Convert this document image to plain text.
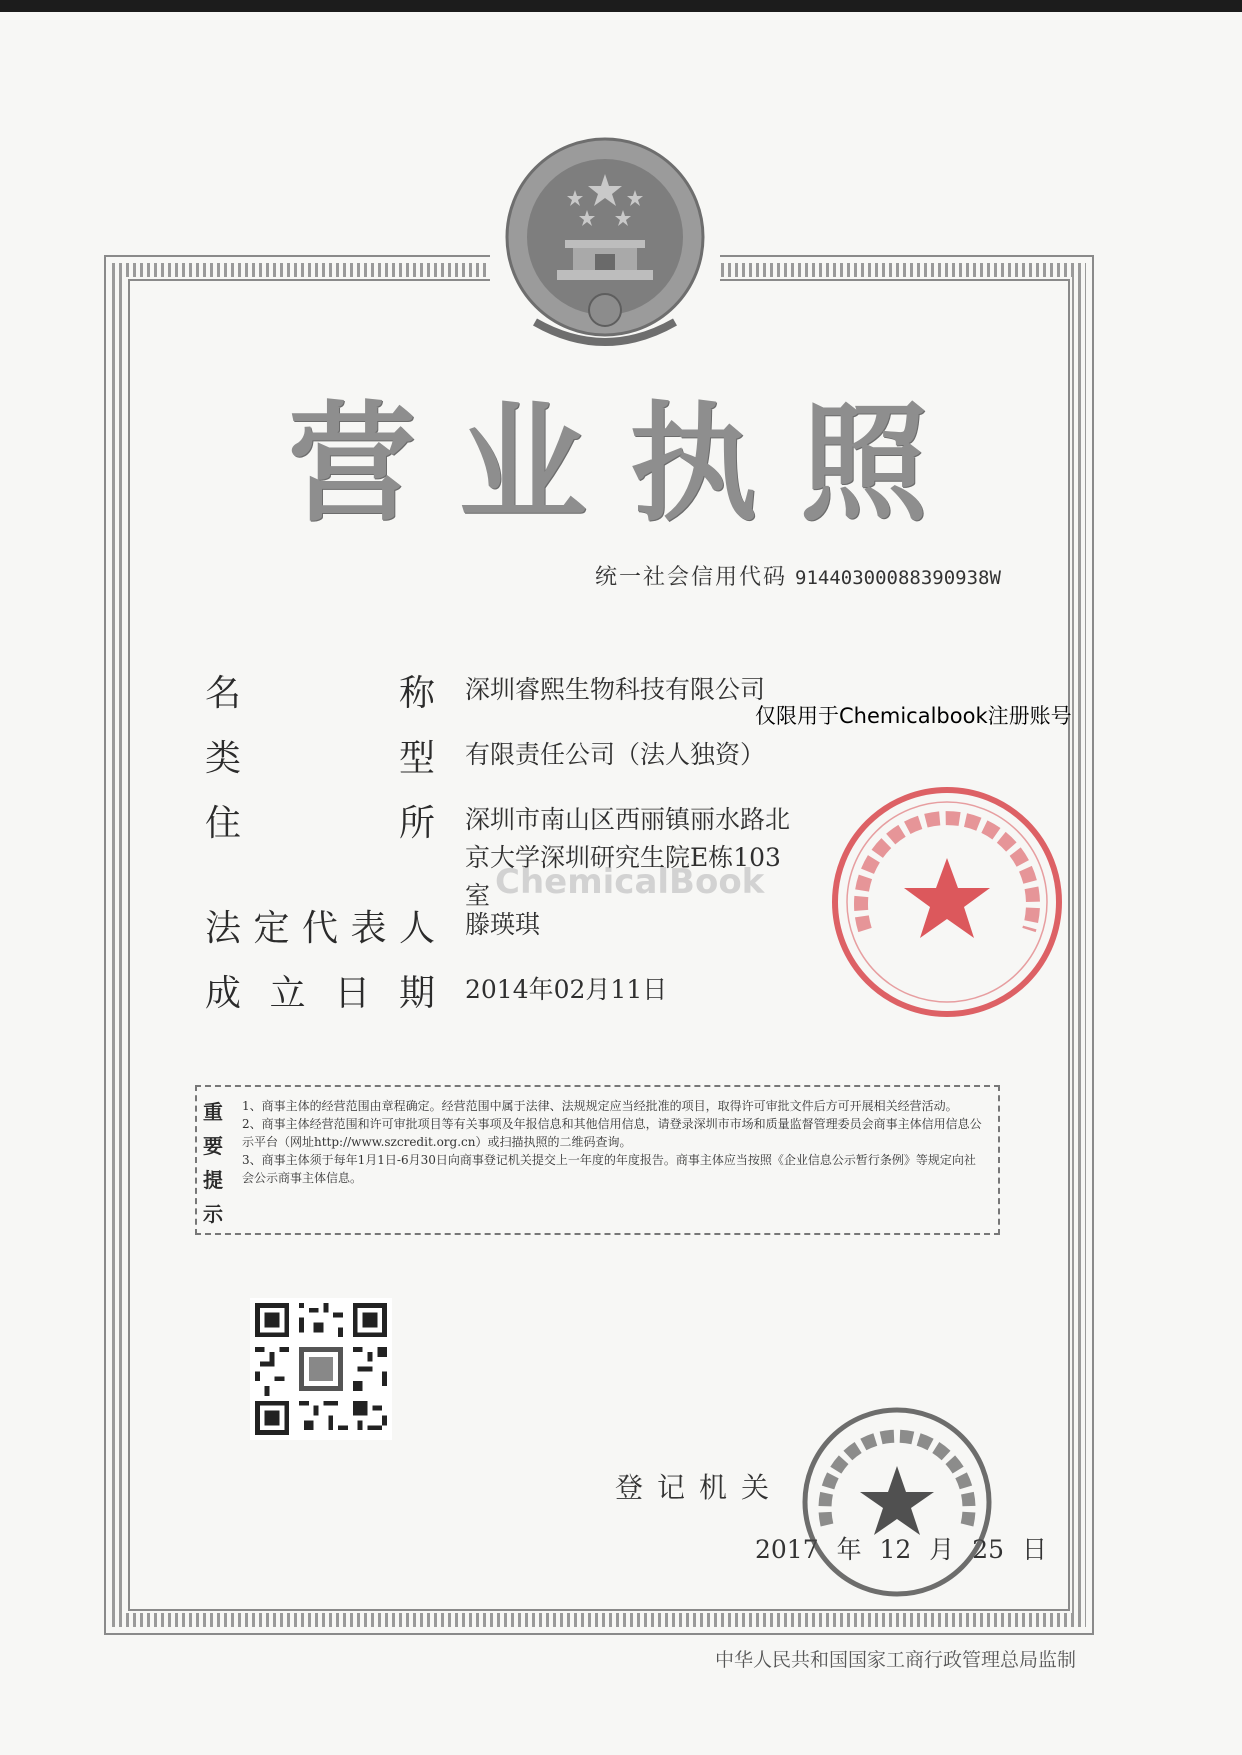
营 业 执 照
统一社会信用代码 91440300088390938W
名	称 深圳睿熙生物科技有限公司
类	型 有限责任公司（法人独资）
住	所 深圳市南山区西丽镇丽水路北京大学深圳研究生院E栋103室
法 定 代 表 人 滕瑛琪
成 立 日 期 2014年02月11日
仅限用于Chemicalbook注册账号
ChemicalBook
重
要
提
示

1、商事主体的经营范围由章程确定。经营范围中属于法律、法规规定应当经批准的项目，取得许可审批文件后方可开展相关经营活动。

2、商事主体经营范围和许可审批项目等有关事项及年报信息和其他信用信息，请登录深圳市市场和质量监督管理委员会商事主体信用信息公示平台（网址http://www.szcredit.org.cn）或扫描执照的二维码查询。

3、商事主体须于每年1月1日-6月30日向商事登记机关提交上一年度的年度报告。商事主体应当按照《企业信息公示暂行条例》等规定向社会公示商事主体信息。

登记机关
2017 年 12 月 25 日
中华人民共和国国家工商行政管理总局监制
